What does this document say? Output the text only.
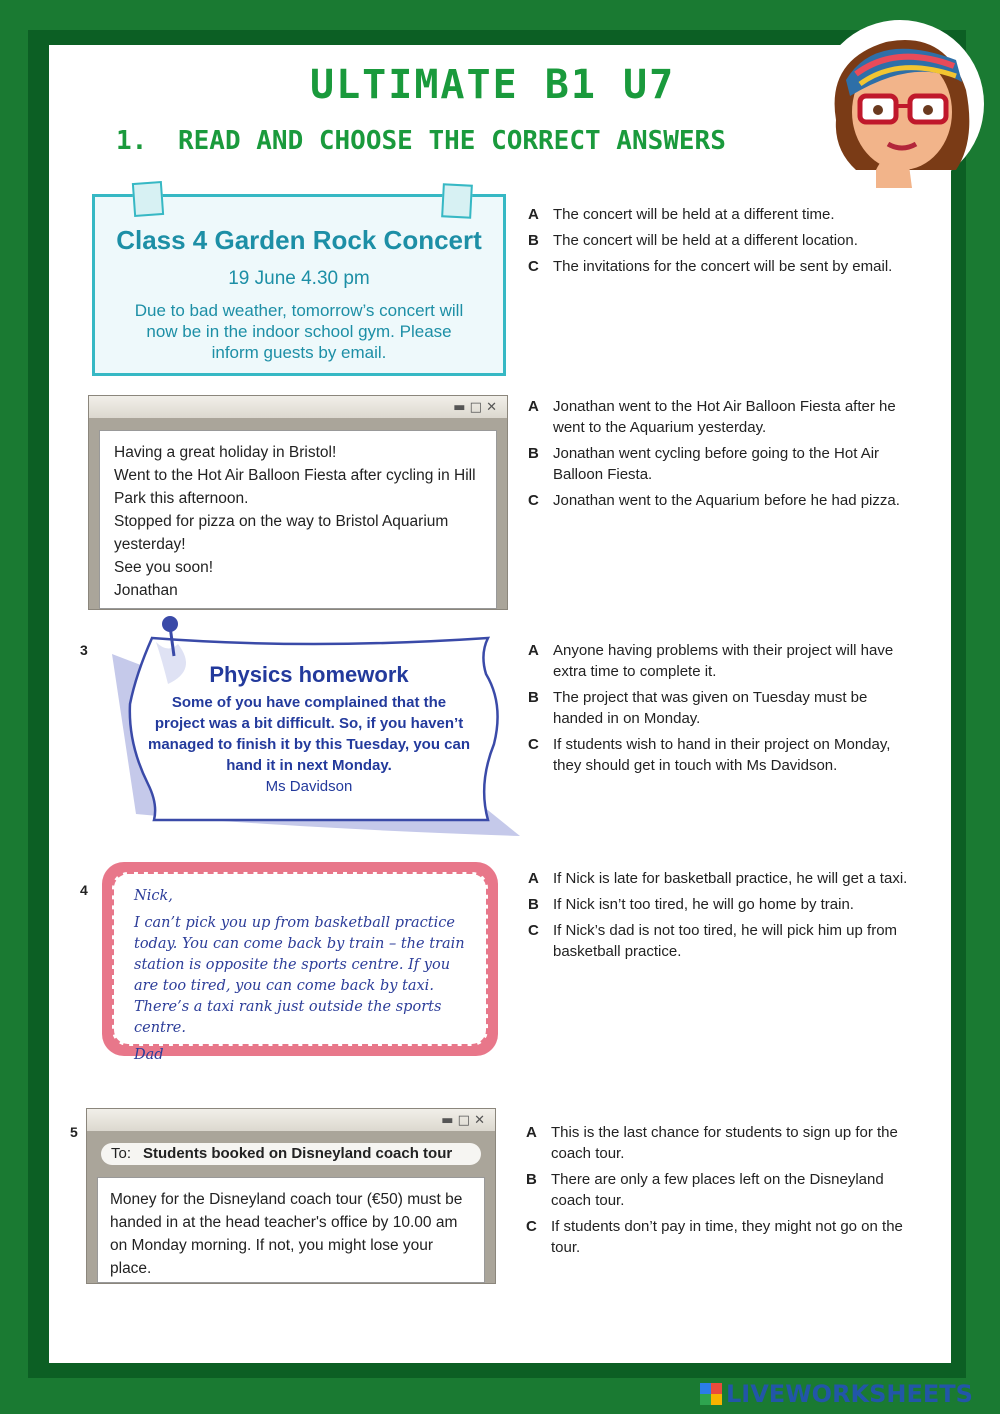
ULTIMATE B1 U7
1. READ AND CHOOSE THE CORRECT ANSWERS
Class 4 Garden Rock Concert
19 June 4.30 pm
Due to bad weather, tomorrow’s concert will now be in the indoor school gym. Please inform guests by email.
A The concert will be held at a different time.
B The concert will be held at a different location.
C The invitations for the concert will be sent by email.
▬ □ ✕
Having a great holiday in Bristol!
Went to the Hot Air Balloon Fiesta after cycling in Hill Park this afternoon.
Stopped for pizza on the way to Bristol Aquarium yesterday!
See you soon!
Jonathan
A Jonathan went to the Hot Air Balloon Fiesta after he went to the Aquarium yesterday.
B Jonathan went cycling before going to the Hot Air Balloon Fiesta.
C Jonathan went to the Aquarium before he had pizza.
3
Physics homework
Some of you have complained that the project was a bit difficult. So, if you haven’t managed to finish it by this Tuesday, you can hand it in next Monday.
Ms Davidson
A Anyone having problems with their project will have extra time to complete it.
B The project that was given on Tuesday must be handed in on Monday.
C If students wish to hand in their project on Monday, they should get in touch with Ms Davidson.
4	Nick,
I can’t pick you up from basketball practice today. You can come back by train – the train station is opposite the sports centre. If you are too tired, you can come back by taxi. There’s a taxi rank just outside the sports centre.
Dad
A If Nick is late for basketball practice, he will get a taxi.
B If Nick isn’t too tired, he will go home by train.
C If Nick’s dad is not too tired, he will pick him up from basketball practice.
5
▬ □ ✕
To: Students booked on Disneyland coach tour
Money for the Disneyland coach tour (€50) must be handed in at the head teacher's office by 10.00 am on Monday morning. If not, you might lose your place.
A This is the last chance for students to sign up for the coach tour.
B There are only a few places left on the Disneyland coach tour.
C If students don’t pay in time, they might not go on the tour.
LIVEWORKSHEETS
